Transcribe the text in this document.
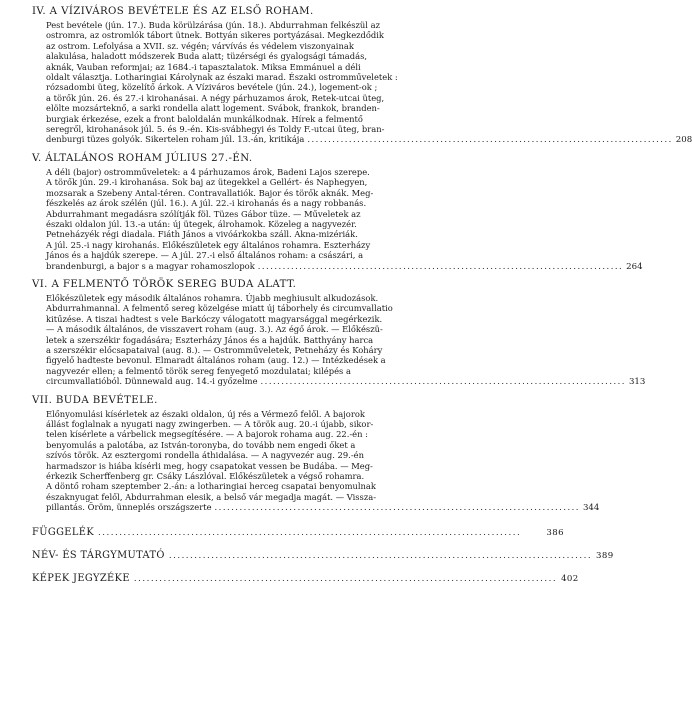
IV. A VÍZIVÁROS BEVÉTELE ÉS AZ ELSŐ ROHAM.
Pest bevétele (jún. 17.). Buda körülzárása (jún. 18.). Abdurrahman felkészül az
ostromra, az ostromlók tábort ütnek. Bottyán sikeres portyázásai. Megkezdődik
az ostrom. Lefolyása a XVII. sz. végén; várvívás és védelem viszonyainak
alakulása, haladott módszerek Buda alatt; tüzérségi és gyalogsági támadás,
aknák, Vauban reformjai; az 1684.-i tapasztalatok. Miksa Emmánuel a déli
oldalt választja. Lotharingiai Károlynak az északi marad. Északi ostromműveletek :
rózsadombi üteg, közelítő árkok. A Víziváros bevétele (jún. 24.), logement-ok ;
a törők jún. 26. és 27.-i kirohanásai. A négy párhuzamos árok, Retek-utcai üteg,
elölte mozsárteknő, a sarki rondella alatt logement. Svábok, frankok, branden-
burgiak érkezése, ezek a front baloldalán munkálkodnak. Hírek a felmentő
seregről, kirohanások júl. 5. és 9.-én. Kis-svábhegyi és Toldy F.-utcai üteg, bran-
denburgi tüzes golyók. Sikertelen roham júl. 13.-án, kritikája ........................................................................................ 208
V. ÁLTALÁNOS ROHAM JÚLIUS 27.-ÉN.
A déli (bajor) ostromműveletek: a 4 párhuzamos árok, Badeni Lajos szerepe.
A törők jún. 29.-i kirohanása. Sok baj az ütegekkel a Gellért- és Naphegyen,
mozsarak a Szebeny Antal-téren. Contravallatiók. Bajor és törők aknák. Meg-
fészkelés az árok szélén (júl. 16.). A júl. 22.-i kirohanás és a nagy robbanás.
Abdurrahmant megadásra szólítják föl. Tüzes Gábor tüze. — Műveletek az
északi oldalon júl. 13.-a után: új ütegek, álrohamok. Közeleg a nagyvezér.
Petneházyék régi diadala. Fiáth János a vivóárkokba száll. Akna-mizériák.
A júl. 25.-i nagy kirohanás. Előkészületek egy általános rohamra. Eszterházy
János és a hajdúk szerepe. — A júl. 27.-i első általános roham: a császári, a
brandenburgi, a bajor s a magyar rohamoszlopok ........................................................................................ 264
VI. A FELMENTŐ TÖRÖK SEREG BUDA ALATT.
Előkészületek egy második általános rohamra. Újabb meghiusult alkudozások.
Abdurrahmannal. A felmentő sereg közelgése miatt új táborhely és circumvallatio
kitűzése. A tiszai hadtest s vele Barkóczy válogatott magyarsággal megérkezik.
— A második általános, de visszavert roham (aug. 3.). Az égő árok. — Előkészü-
letek a szerszékir fogadására; Eszterházy János és a hajdúk. Batthyány harca
a szerszékir előcsapataival (aug. 8.). — Ostromműveletek, Petneházy és Koháry
figyelő hadteste bevonul. Elmaradt általános roham (aug. 12.) — Intézkedések a
nagyvezér ellen; a felmentő török sereg fenyegető mozdulatai; kilépés a
circumvallatióból. Dünnewald aug. 14.-i győzelme ........................................................................................ 313
VII. BUDA BEVÉTELE.
Előnyomulási kísérletek az északi oldalon, új rés a Vérmező felől. A bajorok
állást foglalnak a nyugati nagy zwingerben. — A török aug. 20.-i újabb, sikor-
telen kísérlete a várbelick megsegítésére. — A bajorok rohama aug. 22.-én :
benyomulás a palotába, az István-toronyba, do tovább nem engedi őket a
szívós török. Az esztergomi rondella áthidalása. — A nagyvezér aug. 29.-én
harmadszor is hiába kísérli meg, hogy csapatokat vessen be Budába. — Meg-
érkezik Scherffenberg gr. Csáky Lászlóval. Előkészületek a végső rohamra.
A döntő roham szeptember 2.-án: a lotharingiai herceg csapatai benyomulnak
északnyugat felől, Abdurrahman elesik, a belső vár megadja magát. — Vissza-
pillantás. Öröm, ünneplés országszerte ........................................................................................ 344
FÜGGELÉK ....................................................................................................	386
NÉV- ÉS TÁRGYMUTATÓ .................................................................................................... 389
KÉPEK JEGYZÉKE .................................................................................................... 402
